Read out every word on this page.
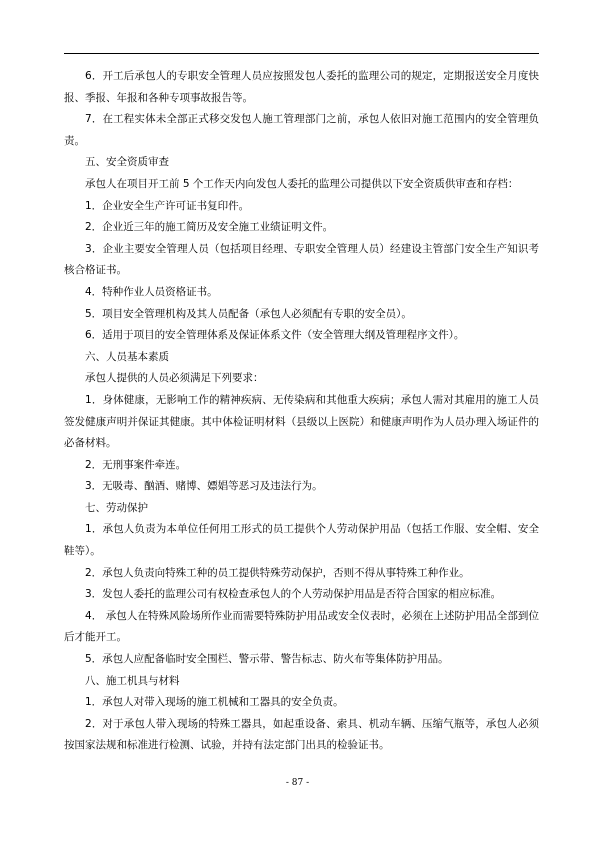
6．开工后承包人的专职安全管理人员应按照发包人委托的监理公司的规定，定期报送安全月度快报、季报、年报和各种专项事故报告等。

7．在工程实体未全部正式移交发包人施工管理部门之前，承包人依旧对施工范围内的安全管理负责。

五、安全资质审查

承包人在项目开工前 5 个工作天内向发包人委托的监理公司提供以下安全资质供审查和存档：

1．企业安全生产许可证书复印件。

2．企业近三年的施工简历及安全施工业绩证明文件。

3．企业主要安全管理人员（包括项目经理、专职安全管理人员）经建设主管部门安全生产知识考核合格证书。

4．特种作业人员资格证书。

5．项目安全管理机构及其人员配备（承包人必须配有专职的安全员）。

6．适用于项目的安全管理体系及保证体系文件（安全管理大纲及管理程序文件）。

六、人员基本素质

承包人提供的人员必须满足下列要求：

1．身体健康，无影响工作的精神疾病、无传染病和其他重大疾病；承包人需对其雇用的施工人员签发健康声明并保证其健康。其中体检证明材料（县级以上医院）和健康声明作为人员办理入场证件的必备材料。

2．无刑事案件牵连。

3．无吸毒、酗酒、赌博、嫖娼等恶习及违法行为。

七、劳动保护

1．承包人负责为本单位任何用工形式的员工提供个人劳动保护用品（包括工作服、安全帽、安全鞋等）。

2．承包人负责向特殊工种的员工提供特殊劳动保护，否则不得从事特殊工种作业。

3．发包人委托的监理公司有权检查承包人的个人劳动保护用品是否符合国家的相应标准。

4． 承包人在特殊风险场所作业而需要特殊防护用品或安全仪表时，必须在上述防护用品全部到位后才能开工。

5．承包人应配备临时安全围栏、警示带、警告标志、防火布等集体防护用品。

八、施工机具与材料

1．承包人对带入现场的施工机械和工器具的安全负责。

2．对于承包人带入现场的特殊工器具，如起重设备、索具、机动车辆、压缩气瓶等，承包人必须按国家法规和标准进行检测、试验，并持有法定部门出具的检验证书。

- 87 -
